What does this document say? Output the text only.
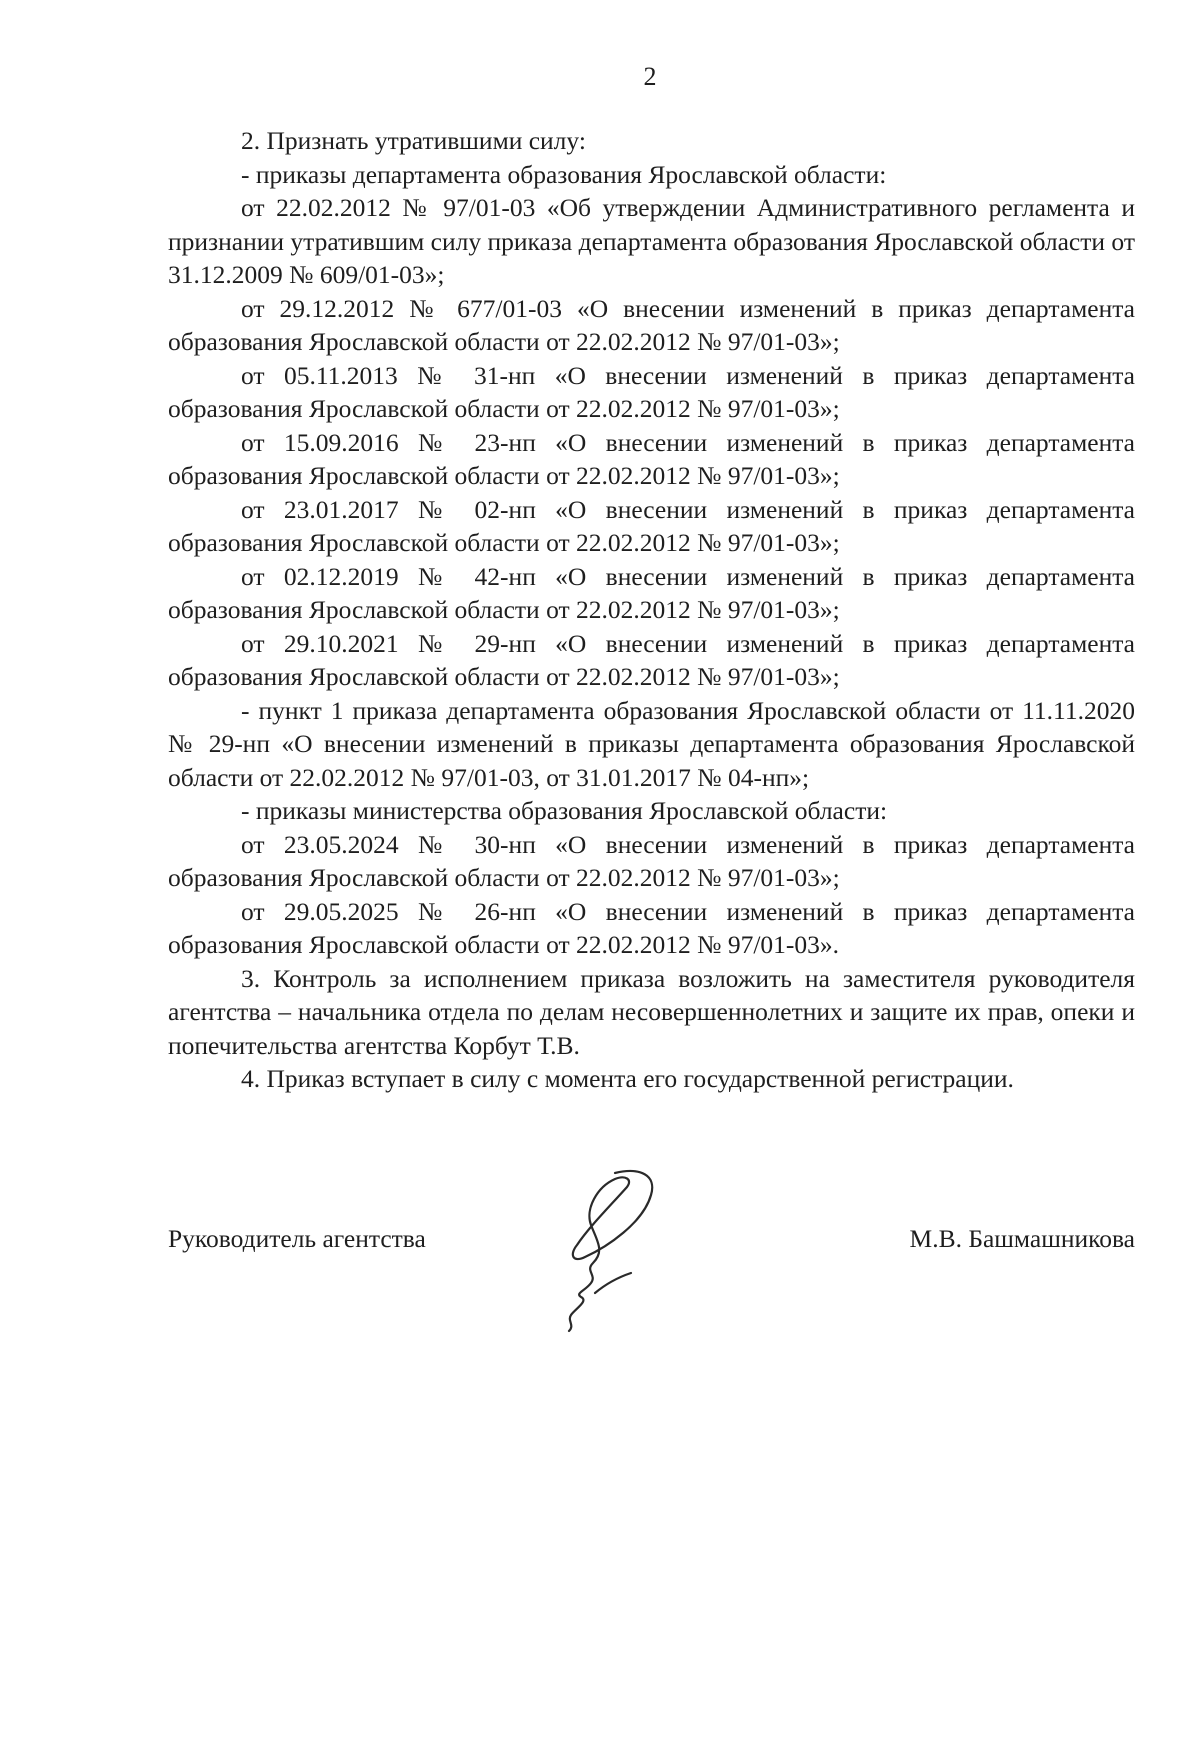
2

2. Признать утратившими силу:

- приказы департамента образования Ярославской области:

от 22.02.2012 № 97/01-03 «Об утверждении Административного регламента и признании утратившим силу приказа департамента образования Ярославской области от 31.12.2009 № 609/01-03»;

от 29.12.2012 № 677/01-03 «О внесении изменений в приказ департамента образования Ярославской области от 22.02.2012 № 97/01-03»;

от 05.11.2013 № 31-нп «О внесении изменений в приказ департамента образования Ярославской области от 22.02.2012 № 97/01-03»;

от 15.09.2016 № 23-нп «О внесении изменений в приказ департамента образования Ярославской области от 22.02.2012 № 97/01-03»;

от 23.01.2017 № 02-нп «О внесении изменений в приказ департамента образования Ярославской области от 22.02.2012 № 97/01-03»;

от 02.12.2019 № 42-нп «О внесении изменений в приказ департамента образования Ярославской области от 22.02.2012 № 97/01-03»;

от 29.10.2021 № 29-нп «О внесении изменений в приказ департамента образования Ярославской области от 22.02.2012 № 97/01-03»;

- пункт 1 приказа департамента образования Ярославской области от 11.11.2020 № 29-нп «О внесении изменений в приказы департамента образования Ярославской области от 22.02.2012 № 97/01-03, от 31.01.2017 № 04-нп»;

- приказы министерства образования Ярославской области:

от 23.05.2024 № 30-нп «О внесении изменений в приказ департамента образования Ярославской области от 22.02.2012 № 97/01-03»;

от 29.05.2025 № 26-нп «О внесении изменений в приказ департамента образования Ярославской области от 22.02.2012 № 97/01-03».

3. Контроль за исполнением приказа возложить на заместителя руководителя агентства – начальника отдела по делам несовершеннолетних и защите их прав, опеки и попечительства агентства Корбут Т.В.

4. Приказ вступает в силу с момента его государственной регистрации.

Руководитель агентства	М.В. Башмашникова
